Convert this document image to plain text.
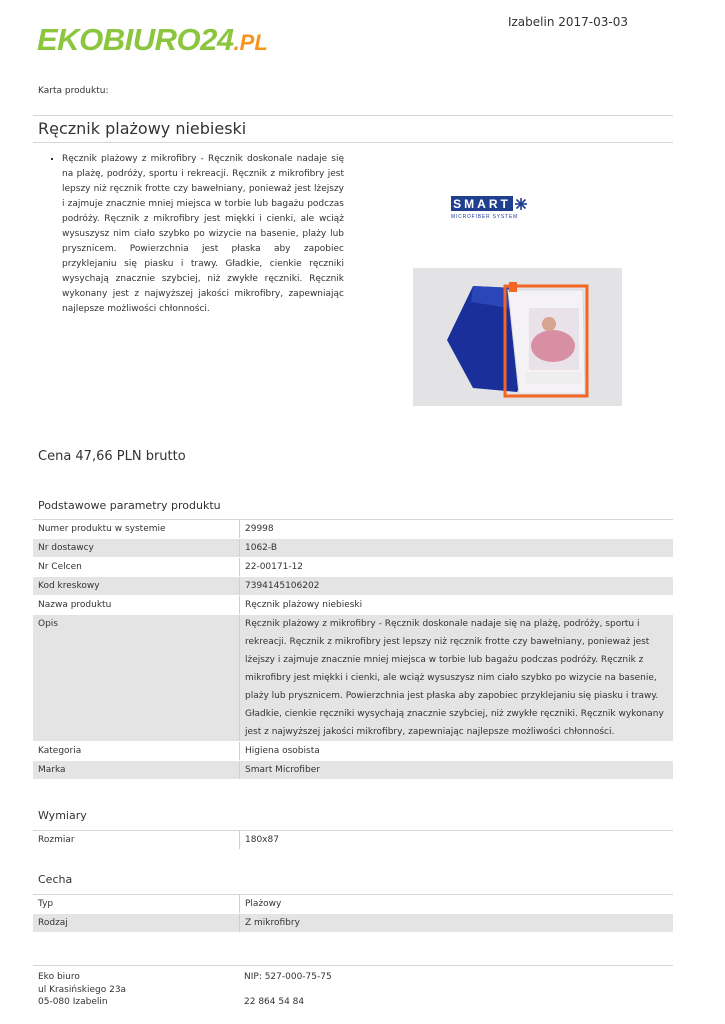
EKO BIURO24 .PL
Izabelin 2017-03-03
Karta produktu:
Ręcznik plażowy niebieski
▪ Ręcznik plażowy z mikrofibry - Ręcznik doskonale nadaje się na plażę, podróży, sportu i rekreacji. Ręcznik z mikrofibry jest lepszy niż ręcznik frotte czy bawełniany, ponieważ jest lżejszy i zajmuje znacznie mniej miejsca w torbie lub bagażu podczas podróży. Ręcznik z mikrofibry jest miękki i cienki, ale wciąż wysuszysz nim ciało szybko po wizycie na basenie, plaży lub prysznicem. Powierzchnia jest płaska aby zapobiec przyklejaniu się piasku i trawy. Gładkie, cienkie ręczniki wysychają znacznie szybciej, niż zwykłe ręczniki. Ręcznik wykonany jest z najwyższej jakości mikrofibry, zapewniając najlepsze możliwości chłonności.
SMART
MICROFIBER SYSTEM
Cena 47,66 PLN brutto
Podstawowe parametry produktu
Numer produktu w systemie	29998
Nr dostawcy	1062-B
Nr Celcen	22-00171-12
Kod kreskowy	7394145106202
Nazwa produktu	Ręcznik plażowy niebieski
Opis	Ręcznik plażowy z mikrofibry - Ręcznik doskonale nadaje się na plażę, podróży, sportu i rekreacji. Ręcznik z mikrofibry jest lepszy niż ręcznik frotte czy bawełniany, ponieważ jest lżejszy i zajmuje znacznie mniej miejsca w torbie lub bagażu podczas podróży. Ręcznik z mikrofibry jest miękki i cienki, ale wciąż wysuszysz nim ciało szybko po wizycie na basenie, plaży lub prysznicem. Powierzchnia jest płaska aby zapobiec przyklejaniu się piasku i trawy. Gładkie, cienkie ręczniki wysychają znacznie szybciej, niż zwykłe ręczniki. Ręcznik wykonany jest z najwyższej jakości mikrofibry, zapewniając najlepsze możliwości chłonności.
Kategoria	Higiena osobista
Marka	Smart Microfiber
Wymiary
Rozmiar	180x87
Cecha
Typ	Plażowy
Rodzaj	Z mikrofibry
Eko biuro
ul Krasińskiego 23a
05-080 Izabelin
NIP: 527-000-75-75
22 864 54 84
